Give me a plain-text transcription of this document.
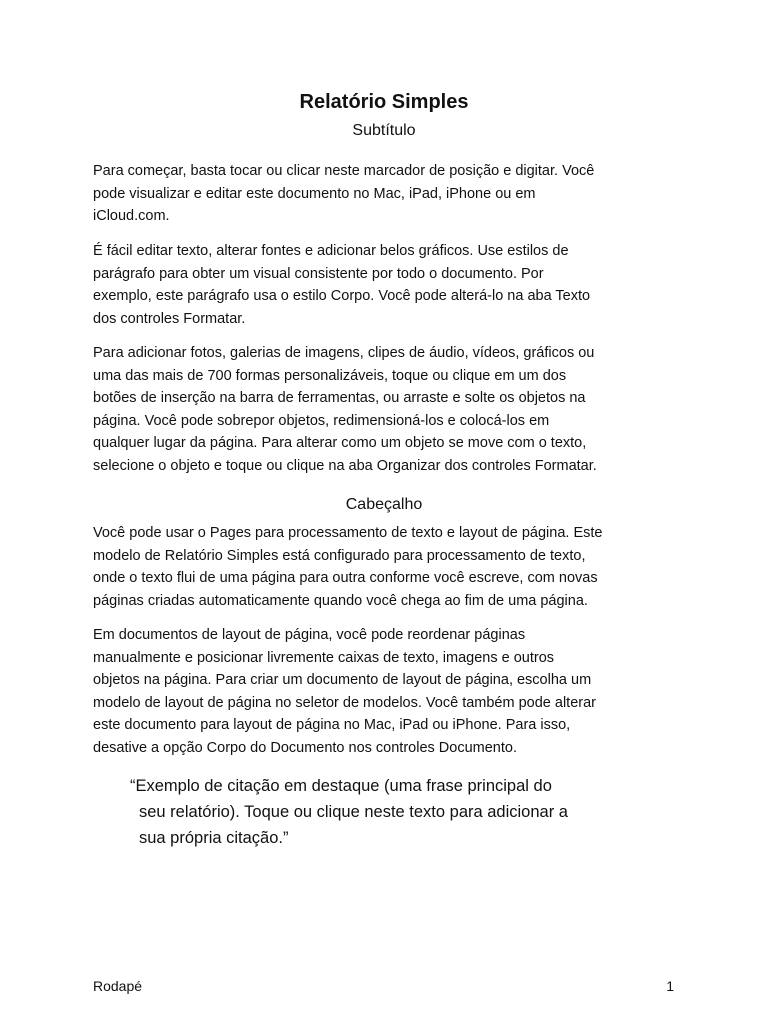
Relatório Simples
Subtítulo
Para começar, basta tocar ou clicar neste marcador de posição e digitar. Você
pode visualizar e editar este documento no Mac, iPad, iPhone ou em
iCloud.com.
É fácil editar texto, alterar fontes e adicionar belos gráficos. Use estilos de
parágrafo para obter um visual consistente por todo o documento. Por
exemplo, este parágrafo usa o estilo Corpo. Você pode alterá-lo na aba Texto
dos controles Formatar.
Para adicionar fotos, galerias de imagens, clipes de áudio, vídeos, gráficos ou
uma das mais de 700 formas personalizáveis, toque ou clique em um dos
botões de inserção na barra de ferramentas, ou arraste e solte os objetos na
página. Você pode sobrepor objetos, redimensioná-los e colocá-los em
qualquer lugar da página. Para alterar como um objeto se move com o texto,
selecione o objeto e toque ou clique na aba Organizar dos controles Formatar.
Cabeçalho
Você pode usar o Pages para processamento de texto e layout de página. Este
modelo de Relatório Simples está configurado para processamento de texto,
onde o texto flui de uma página para outra conforme você escreve, com novas
páginas criadas automaticamente quando você chega ao fim de uma página.
Em documentos de layout de página, você pode reordenar páginas
manualmente e posicionar livremente caixas de texto, imagens e outros
objetos na página. Para criar um documento de layout de página, escolha um
modelo de layout de página no seletor de modelos. Você também pode alterar
este documento para layout de página no Mac, iPad ou iPhone. Para isso,
desative a opção Corpo do Documento nos controles Documento.
“Exemplo de citação em destaque (uma frase principal do
seu relatório). Toque ou clique neste texto para adicionar a
sua própria citação.”
Rodapé	1
